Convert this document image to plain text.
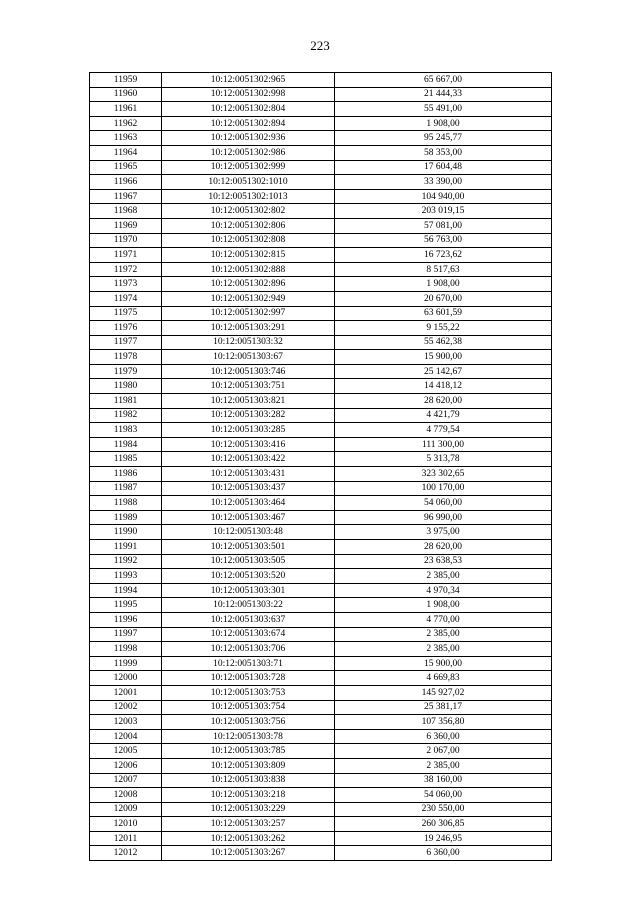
223
11959	10:12:0051302:965	65 667,00
11960	10:12:0051302:998	21 444,33
11961	10:12:0051302:804	55 491,00
11962	10:12:0051302:894	1 908,00
11963	10:12:0051302:936	95 245,77
11964	10:12:0051302:986	58 353,00
11965	10:12:0051302:999	17 604,48
11966	10:12:0051302:1010	33 390,00
11967	10:12:0051302:1013	104 940,00
11968	10:12:0051302:802	203 019,15
11969	10:12:0051302:806	57 081,00
11970	10:12:0051302:808	56 763,00
11971	10:12:0051302:815	16 723,62
11972	10:12:0051302:888	8 517,63
11973	10:12:0051302:896	1 908,00
11974	10:12:0051302:949	20 670,00
11975	10:12:0051302:997	63 601,59
11976	10:12:0051303:291	9 155,22
11977	10:12:0051303:32	55 462,38
11978	10:12:0051303:67	15 900,00
11979	10:12:0051303:746	25 142,67
11980	10:12:0051303:751	14 418,12
11981	10:12:0051303:821	28 620,00
11982	10:12:0051303:282	4 421,79
11983	10:12:0051303:285	4 779,54
11984	10:12:0051303:416	111 300,00
11985	10:12:0051303:422	5 313,78
11986	10:12:0051303:431	323 302,65
11987	10:12:0051303:437	100 170,00
11988	10:12:0051303:464	54 060,00
11989	10:12:0051303:467	96 990,00
11990	10:12:0051303:48	3 975,00
11991	10:12:0051303:501	28 620,00
11992	10:12:0051303:505	23 638,53
11993	10:12:0051303:520	2 385,00
11994	10:12:0051303:301	4 970,34
11995	10:12:0051303:22	1 908,00
11996	10:12:0051303:637	4 770,00
11997	10:12:0051303:674	2 385,00
11998	10:12:0051303:706	2 385,00
11999	10:12:0051303:71	15 900,00
12000	10:12:0051303:728	4 669,83
12001	10:12:0051303:753	145 927,02
12002	10:12:0051303:754	25 381,17
12003	10:12:0051303:756	107 356,80
12004	10:12:0051303:78	6 360,00
12005	10:12:0051303:785	2 067,00
12006	10:12:0051303:809	2 385,00
12007	10:12:0051303:838	38 160,00
12008	10:12:0051303:218	54 060,00
12009	10:12:0051303:229	230 550,00
12010	10:12:0051303:257	260 306,85
12011	10:12:0051303:262	19 246,95
12012	10:12:0051303:267	6 360,00
